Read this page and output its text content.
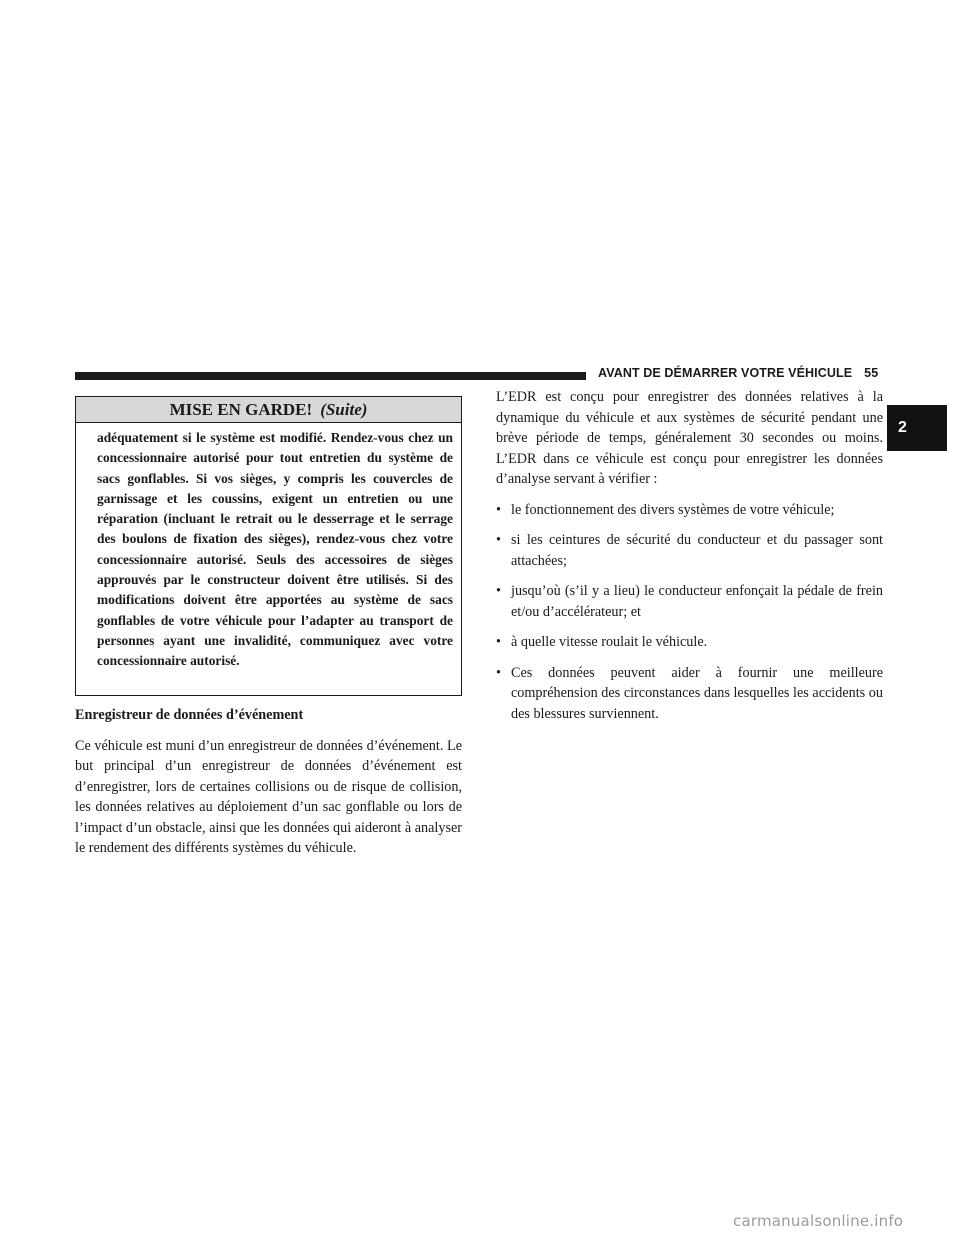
AVANT DE DÉMARRER VOTRE VÉHICULE 55
2
MISE EN GARDE! (Suite)
adéquatement si le système est modifié. Rendez-vous chez un concessionnaire autorisé pour tout entretien du système de sacs gonflables. Si vos sièges, y compris les couvercles de garnissage et les coussins, exigent un entretien ou une réparation (incluant le retrait ou le desserrage et le serrage des boulons de fixation des sièges), rendez-vous chez votre concessionnaire autorisé. Seuls des accessoires de sièges approuvés par le constructeur doivent être utilisés. Si des modifications doivent être apportées au système de sacs gonflables de votre véhicule pour l’adapter au transport de personnes ayant une invalidité, communiquez avec votre concessionnaire autorisé.

Enregistreur de données d’événement

Ce véhicule est muni d’un enregistreur de données d’événement. Le but principal d’un enregistreur de données d’événement est d’enregistrer, lors de certaines collisions ou de risque de collision, les données relatives au déploiement d’un sac gonflable ou lors de l’impact d’un obstacle, ainsi que les données qui aideront à analyser le rendement des différents systèmes du véhicule.

L’EDR est conçu pour enregistrer des données relatives à la dynamique du véhicule et aux systèmes de sécurité pendant une brève période de temps, généralement 30 secondes ou moins. L’EDR dans ce véhicule est conçu pour enregistrer les données d’analyse servant à vérifier :

• le fonctionnement des divers systèmes de votre véhicule;
• si les ceintures de sécurité du conducteur et du passager sont attachées;
• jusqu’où (s’il y a lieu) le conducteur enfonçait la pédale de frein et/ou d’accélérateur; et
• à quelle vitesse roulait le véhicule.
• Ces données peuvent aider à fournir une meilleure compréhension des circonstances dans lesquelles les accidents ou des blessures surviennent.
carmanualsonline.info
